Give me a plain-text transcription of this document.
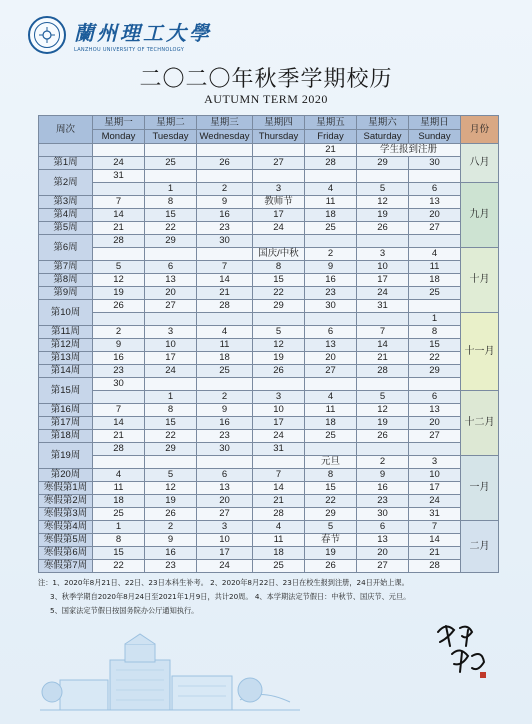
蘭州理工大學
LANZHOU UNIVERSITY OF TECHNOLOGY
二〇二〇年秋季学期校历
AUTUMN TERM 2020
周次	星期一	星期二	星期三	星期四	星期五	星期六	星期日	月份
	Monday	Tuesday	Wednesday	Thursday	Friday	Saturday	Sunday	
					21	学生报到注册		八月
第1周	24	25	26	27	28	29	30	
第2周	31							
		1	2	3	4	5	6	九月
第3周	7	8	9	教师节	11	12	13	
第4周	14	15	16	17	18	19	20	
第5周	21	22	23	24	25	26	27	
第6周	28	29	30					
				国庆/中秋	2	3	4	十月
第7周	5	6	7	8	9	10	11	
第8周	12	13	14	15	16	17	18	
第9周	19	20	21	22	23	24	25	
第10周	26	27	28	29	30	31		
							1	十一月
第11周	2	3	4	5	6	7	8	
第12周	9	10	11	12	13	14	15	
第13周	16	17	18	19	20	21	22	
第14周	23	24	25	26	27	28	29	
第15周	30							
		1	2	3	4	5	6	十二月
第16周	7	8	9	10	11	12	13	
第17周	14	15	16	17	18	19	20	
第18周	21	22	23	24	25	26	27	
第19周	28	29	30	31				
					元旦	2	3	一月
第20周	4	5	6	7	8	9	10	
寒假第1周	11	12	13	14	15	16	17	
寒假第2周	18	19	20	21	22	23	24	
寒假第3周	25	26	27	28	29	30	31	
寒假第4周	1	2	3	4	5	6	7	二月
寒假第5周	8	9	10	11	春节	13	14	
寒假第6周	15	16	17	18	19	20	21	
寒假第7周	22	23	24	25	26	27	28	
注：1、2020年8月21日、22日、23日本科生补考。 2、2020年8月22日、23日在校生报到注册，24日开始上课。
3、秋季学期自2020年8月24日至2021年1月9日，共计20周。 4、本学期法定节假日：中秋节、国庆节、元旦。
5、国家法定节假日按国务院办公厅通知执行。
